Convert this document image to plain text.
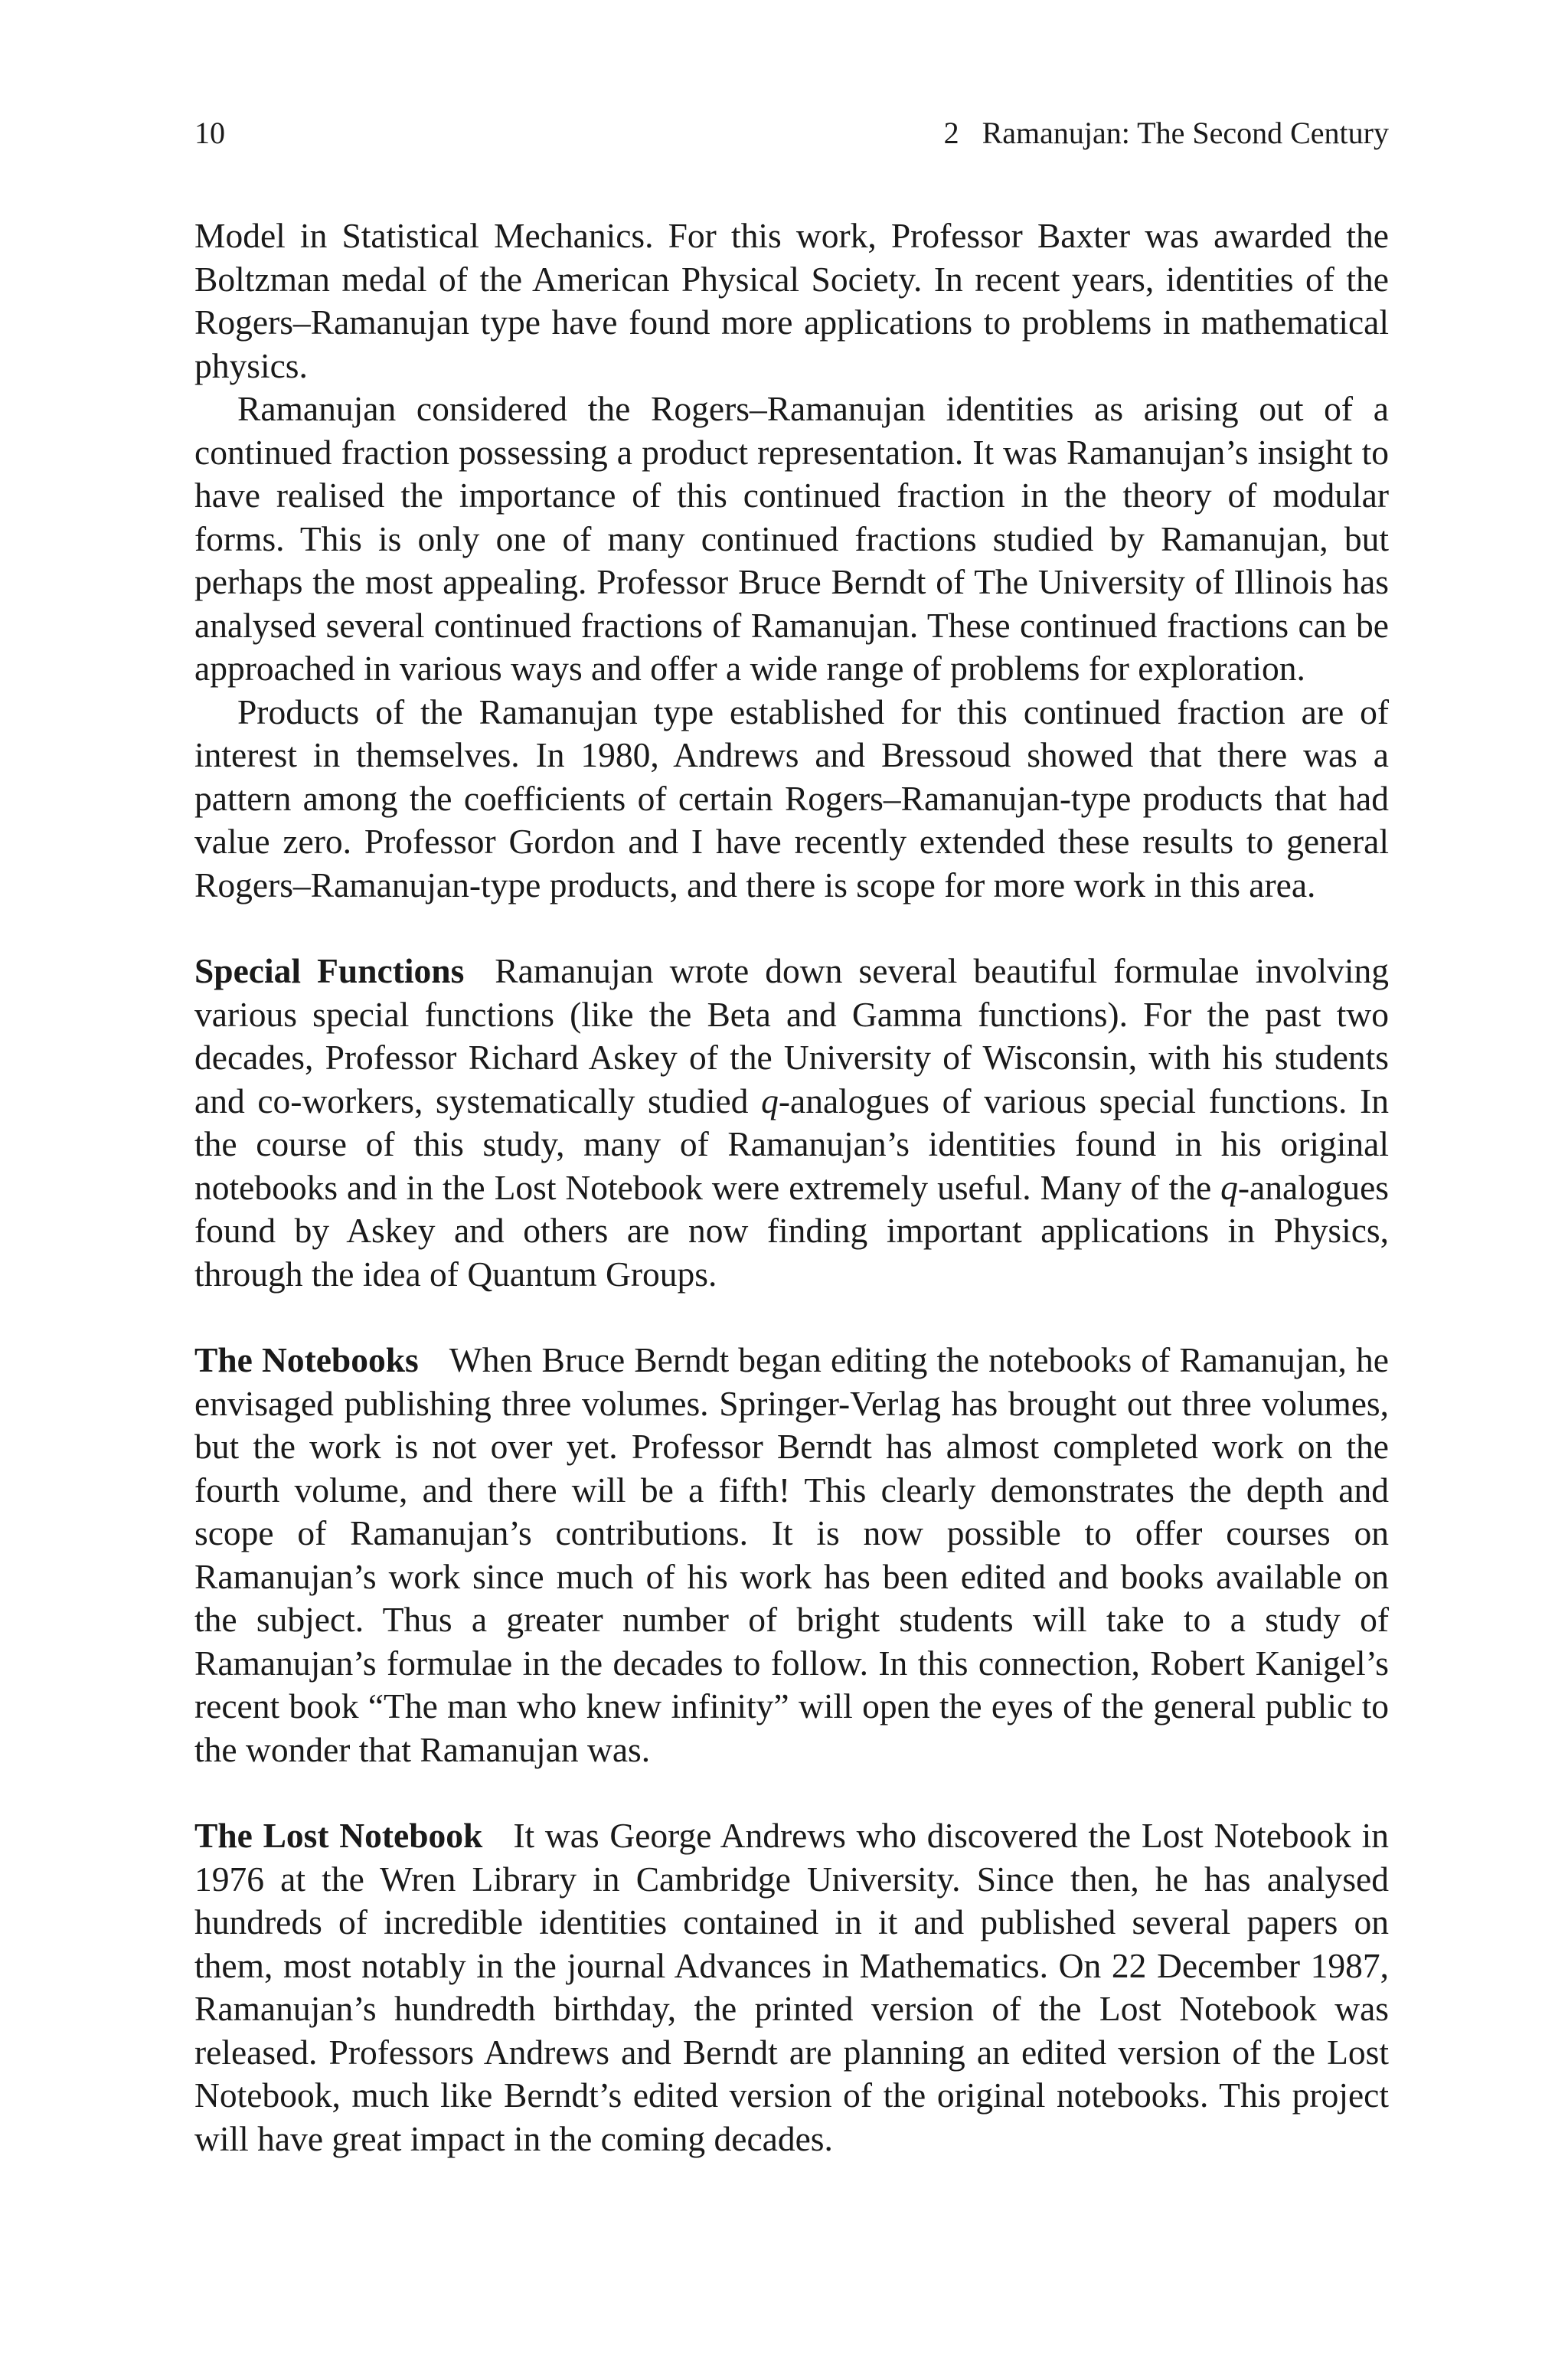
10	2 Ramanujan: The Second Century

Model in Statistical Mechanics. For this work, Professor Baxter was awarded the Boltzman medal of the American Physical Society. In recent years, identities of the Rogers–Ramanujan type have found more applications to problems in mathematical physics.

Ramanujan considered the Rogers–Ramanujan identities as arising out of a continued fraction possessing a product representation. It was Ramanujan’s insight to have realised the importance of this continued fraction in the theory of modular forms. This is only one of many continued fractions studied by Ramanujan, but perhaps the most appealing. Professor Bruce Berndt of The University of Illinois has analysed several continued fractions of Ramanujan. These continued fractions can be approached in various ways and offer a wide range of problems for exploration.

Products of the Ramanujan type established for this continued fraction are of interest in themselves. In 1980, Andrews and Bressoud showed that there was a pattern among the coefficients of certain Rogers–Ramanujan-type products that had value zero. Professor Gordon and I have recently extended these results to general Rogers–Ramanujan-type products, and there is scope for more work in this area.

Special Functions Ramanujan wrote down several beautiful formulae involving various special functions (like the Beta and Gamma functions). For the past two decades, Professor Richard Askey of the University of Wisconsin, with his students and co-workers, systematically studied q-analogues of various special functions. In the course of this study, many of Ramanujan’s identities found in his original notebooks and in the Lost Notebook were extremely useful. Many of the q-analogues found by Askey and others are now finding important applications in Physics, through the idea of Quantum Groups.

The Notebooks When Bruce Berndt began editing the notebooks of Ramanujan, he envisaged publishing three volumes. Springer-Verlag has brought out three volumes, but the work is not over yet. Professor Berndt has almost completed work on the fourth volume, and there will be a fifth! This clearly demonstrates the depth and scope of Ramanujan’s contributions. It is now possible to offer courses on Ramanujan’s work since much of his work has been edited and books available on the subject. Thus a greater number of bright students will take to a study of Ramanujan’s formulae in the decades to follow. In this connection, Robert Kanigel’s recent book “The man who knew infinity” will open the eyes of the general public to the wonder that Ramanujan was.

The Lost Notebook It was George Andrews who discovered the Lost Notebook in 1976 at the Wren Library in Cambridge University. Since then, he has analysed hundreds of incredible identities contained in it and published several papers on them, most notably in the journal Advances in Mathematics. On 22 December 1987, Ramanujan’s hundredth birthday, the printed version of the Lost Notebook was released. Professors Andrews and Berndt are planning an edited version of the Lost Notebook, much like Berndt’s edited version of the original notebooks. This project will have great impact in the coming decades.
